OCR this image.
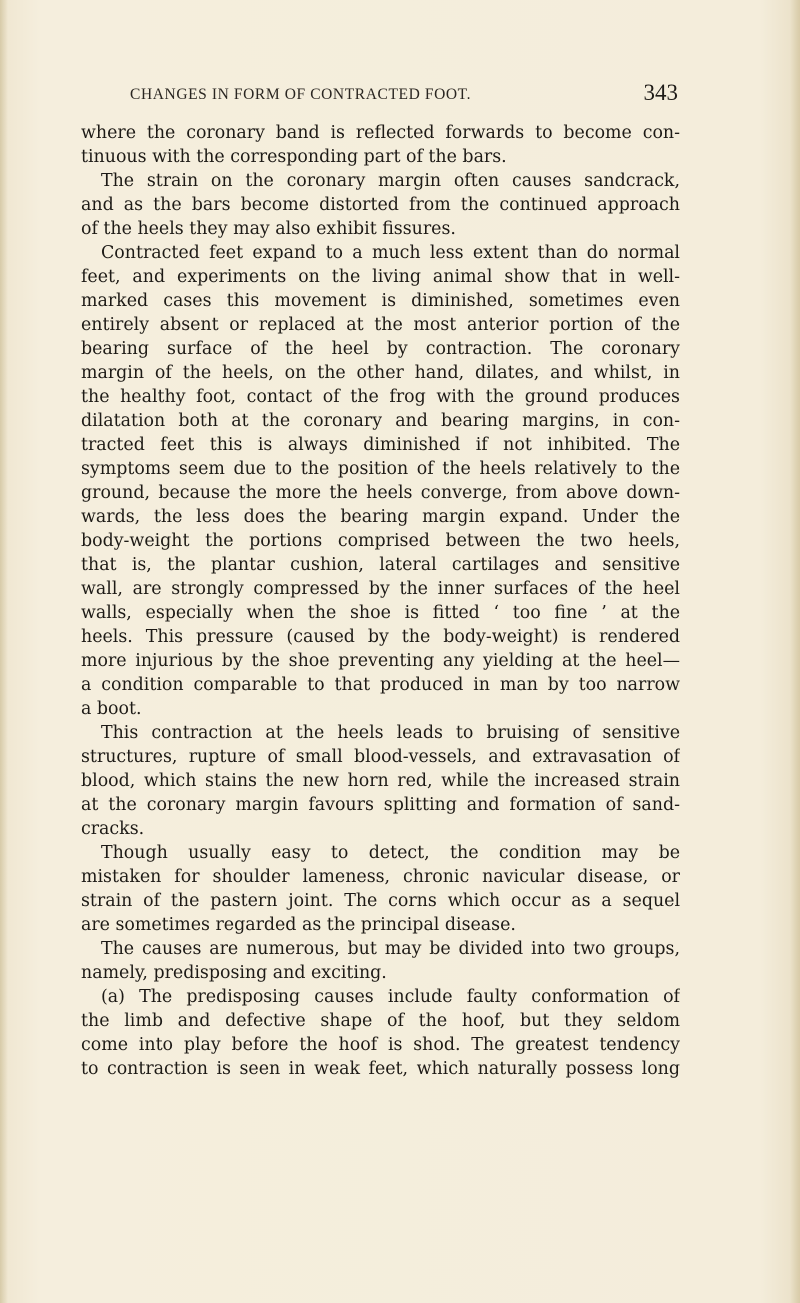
CHANGES IN FORM OF CONTRACTED FOOT.	343
where the coronary band is reflected forwards to become con-
tinuous with the corresponding part of the bars.
The strain on the coronary margin often causes sandcrack,
and as the bars become distorted from the continued approach
of the heels they may also exhibit fissures.
Contracted feet expand to a much less extent than do normal
feet, and experiments on the living animal show that in well-
marked cases this movement is diminished, sometimes even
entirely absent or replaced at the most anterior portion of the
bearing surface of the heel by contraction. The coronary
margin of the heels, on the other hand, dilates, and whilst, in
the healthy foot, contact of the frog with the ground produces
dilatation both at the coronary and bearing margins, in con-
tracted feet this is always diminished if not inhibited. The
symptoms seem due to the position of the heels relatively to the
ground, because the more the heels converge, from above down-
wards, the less does the bearing margin expand. Under the
body-weight the portions comprised between the two heels,
that is, the plantar cushion, lateral cartilages and sensitive
wall, are strongly compressed by the inner surfaces of the heel
walls, especially when the shoe is fitted ‘ too fine ’ at the
heels. This pressure (caused by the body-weight) is rendered
more injurious by the shoe preventing any yielding at the heel—
a condition comparable to that produced in man by too narrow
a boot.
This contraction at the heels leads to bruising of sensitive
structures, rupture of small blood-vessels, and extravasation of
blood, which stains the new horn red, while the increased strain
at the coronary margin favours splitting and formation of sand-
cracks.
Though usually easy to detect, the condition may be
mistaken for shoulder lameness, chronic navicular disease, or
strain of the pastern joint. The corns which occur as a sequel
are sometimes regarded as the principal disease.
The causes are numerous, but may be divided into two groups,
namely, predisposing and exciting.
(a) The predisposing causes include faulty conformation of
the limb and defective shape of the hoof, but they seldom
come into play before the hoof is shod. The greatest tendency
to contraction is seen in weak feet, which naturally possess long
